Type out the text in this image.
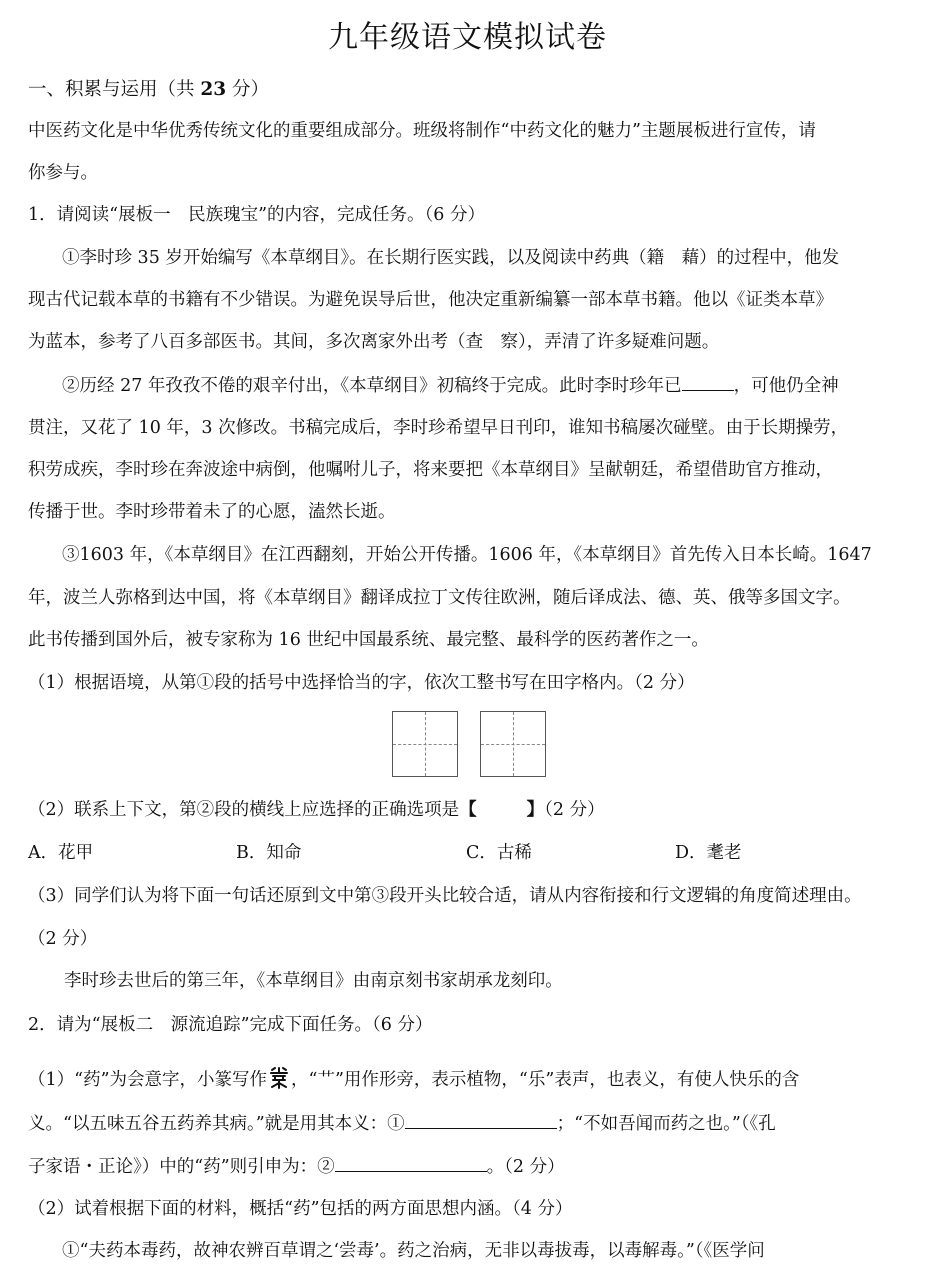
九年级语文模拟试卷
一、积累与运用（共 23 分）
中医药文化是中华优秀传统文化的重要组成部分。班级将制作“中药文化的魅力”主题展板进行宣传，请
你参与。
1．请阅读“展板一　民族瑰宝”的内容，完成任务。（6 分）
①李时珍 35 岁开始编写《本草纲目》。在长期行医实践，以及阅读中药典（籍　藉）的过程中，他发
现古代记载本草的书籍有不少错误。为避免误导后世，他决定重新编纂一部本草书籍。他以《证类本草》
为蓝本，参考了八百多部医书。其间，多次离家外出考（查　察），弄清了许多疑难问题。
②历经 27 年孜孜不倦的艰辛付出，《本草纲目》初稿终于完成。此时李时珍年已	，可他仍全神
贯注，又花了 10 年，3 次修改。书稿完成后，李时珍希望早日刊印，谁知书稿屡次碰壁。由于长期操劳，
积劳成疾，李时珍在奔波途中病倒，他嘱咐儿子，将来要把《本草纲目》呈献朝廷，希望借助官方推动，
传播于世。李时珍带着未了的心愿，溘然长逝。
③1603 年，《本草纲目》在江西翻刻，开始公开传播。1606 年，《本草纲目》首先传入日本长崎。1647
年，波兰人弥格到达中国，将《本草纲目》翻译成拉丁文传往欧洲，随后译成法、德、英、俄等多国文字。
此书传播到国外后，被专家称为 16 世纪中国最系统、最完整、最科学的医药著作之一。
（1）根据语境，从第①段的括号中选择恰当的字，依次工整书写在田字格内。（2 分）
（2）联系上下文，第②段的横线上应选择的正确选项是【	】（2 分）
A．花甲	B．知命	C．古稀	D．耄老
（3）同学们认为将下面一句话还原到文中第③段开头比较合适，请从内容衔接和行文逻辑的角度简述理由。
（2 分）
李时珍去世后的第三年，《本草纲目》由南京刻书家胡承龙刻印。
2．请为“展板二　源流追踪”完成下面任务。（6 分）
（1）“药”为会意字，小篆写作 ，“艹”用作形旁，表示植物，“乐”表声，也表义，有使人快乐的含
义。“以五味五谷五药养其病。”就是用其本义：①	；“不如吾闻而药之也。”（《孔
子家语・正论》）中的“药”则引申为：②	。（2 分）
（2）试着根据下面的材料，概括“药”包括的两方面思想内涵。（4 分）
①“夫药本毒药，故神农辨百草谓之‘尝毒’。药之治病，无非以毒拔毒，以毒解毒。”（《医学问
